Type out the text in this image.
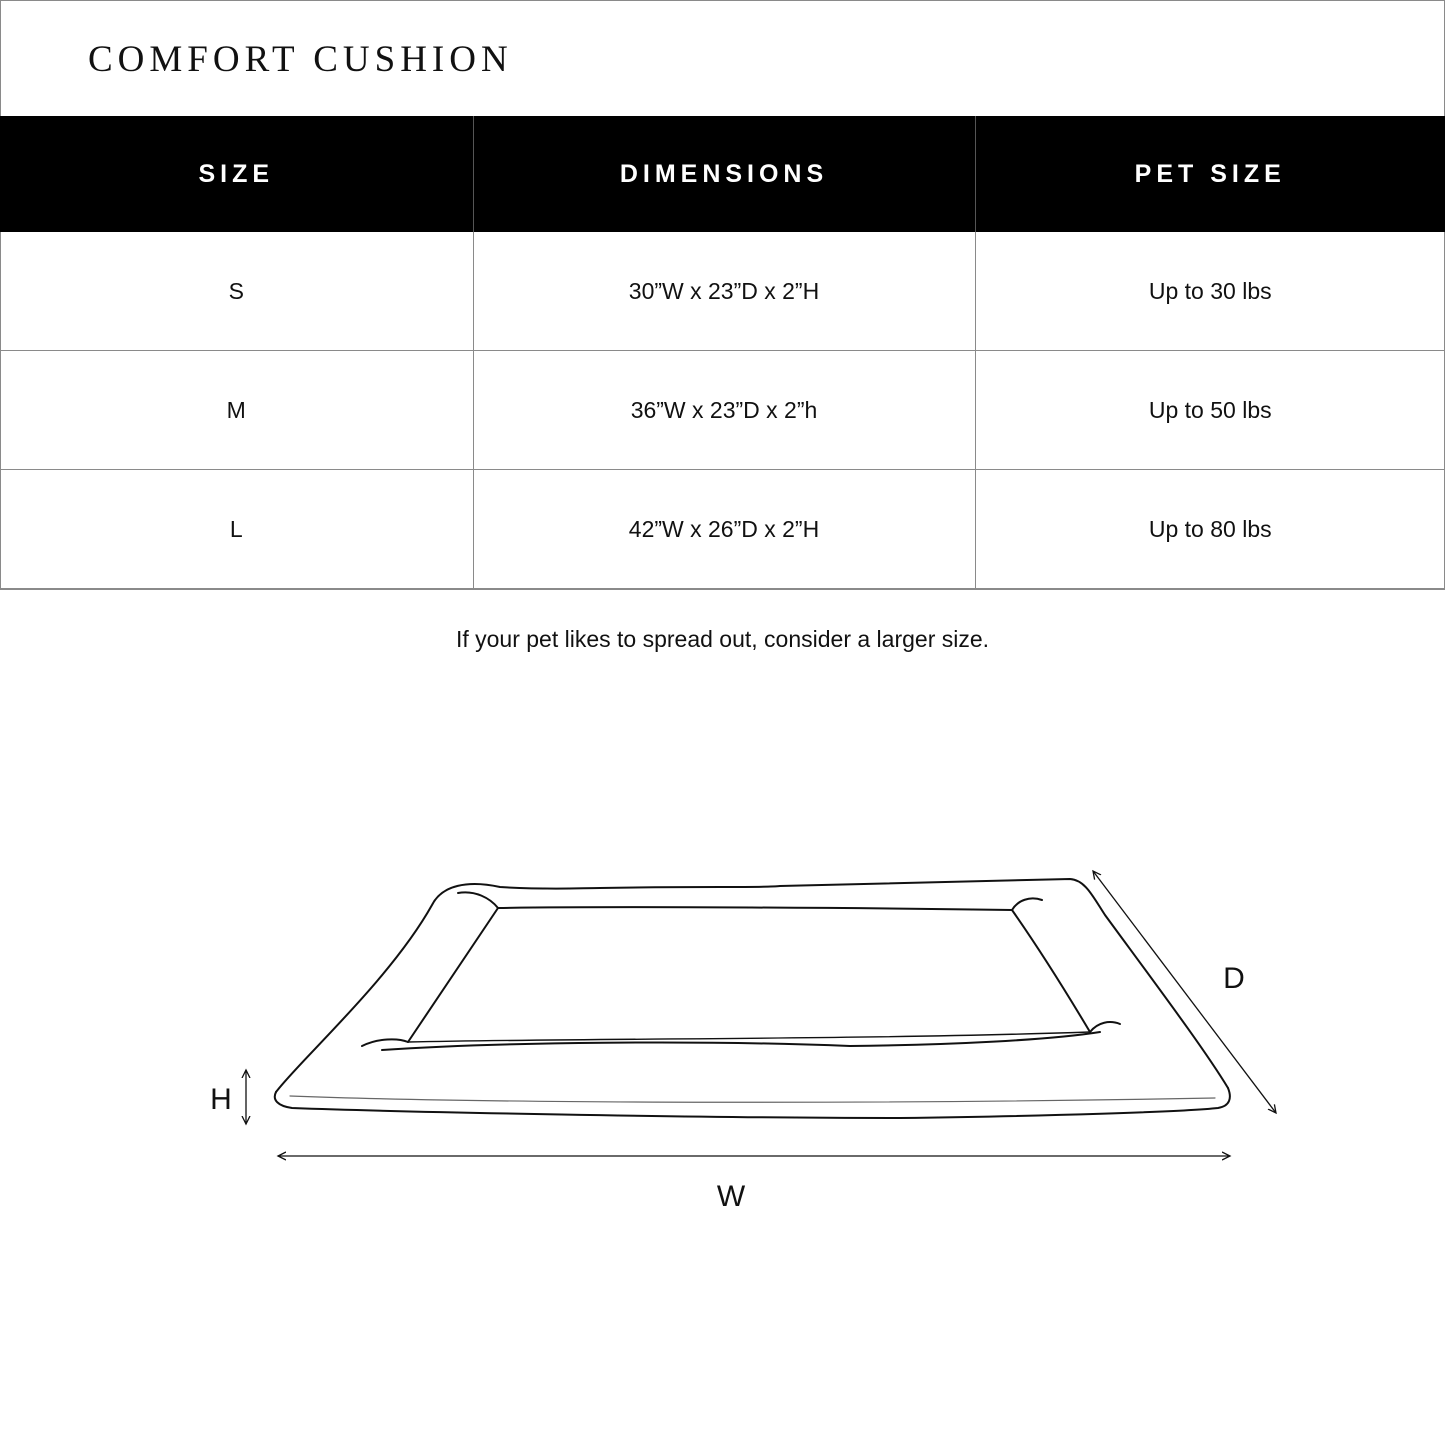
COMFORT CUSHION
SIZE	DIMENSIONS	PET SIZE
S	30”W x 23”D x 2”H	Up to 30 lbs
M	36”W x 23”D x 2”h	Up to 50 lbs
L	42”W x 26”D x 2”H	Up to 80 lbs
If your pet likes to spread out, consider a larger size.
W
H
D
